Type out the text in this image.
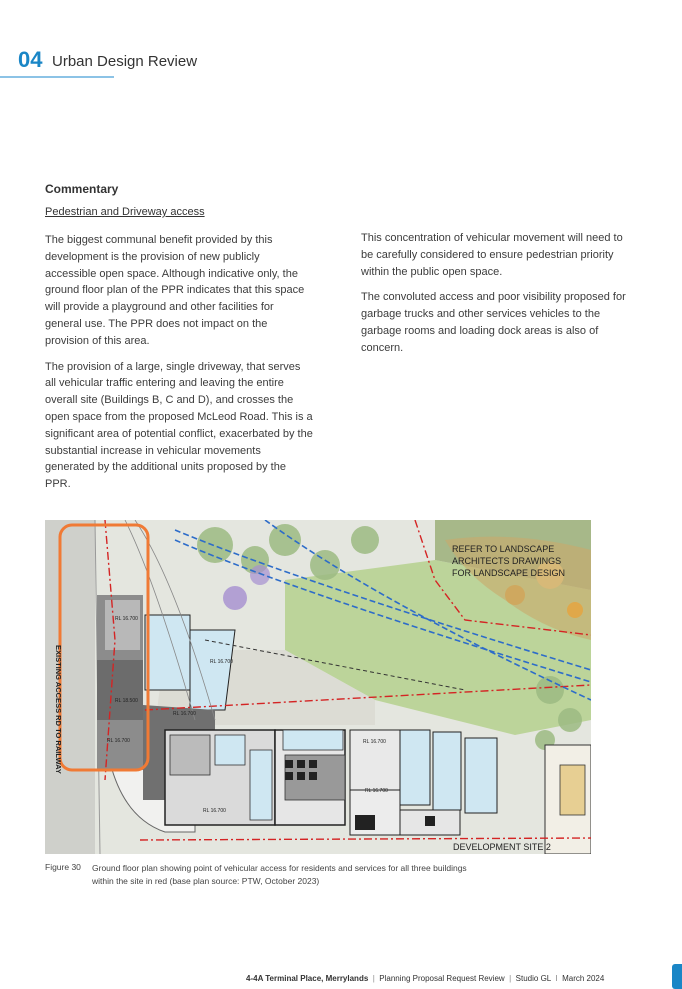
04 Urban Design Review
Commentary
Pedestrian and Driveway access

The biggest communal benefit provided by this development is the provision of new publicly accessible open space. Although indicative only, the ground floor plan of the PPR indicates that this space will provide a playground and other facilities for general use. The PPR does not impact on the provision of this area.

The provision of a large, single driveway, that serves all vehicular traffic entering and leaving the entire overall site (Buildings B, C and D), and crosses the open space from the proposed McLeod Road. This is a significant area of potential conflict, exacerbated by the substantial increase in vehicular movements generated by the additional units proposed by the PPR.

This concentration of vehicular movement will need to be carefully considered to ensure pedestrian priority within the public open space.

The convoluted access and poor visibility proposed for garbage trucks and other services vehicles to the garbage rooms and loading dock areas is also of concern.

RL 16.700
RL 16.700
RL 18.500
RL 16.700
RL 16.700
RL 16.700
RL 16.700
RL 16.700
REFER TO LANDSCAPE
ARCHITECTS DRAWINGS
FOR LANDSCAPE DESIGN
EXISTING ACCESS RD TO RAILWAY
DEVELOPMENT SITE 2
Figure 30 Ground floor plan showing point of vehicular access for residents and services for all three buildings within the site in red (base plan source: PTW, October 2023)
4-4A Terminal Place, Merrylands | Planning Proposal Request Review | Studio GL I March 2024
